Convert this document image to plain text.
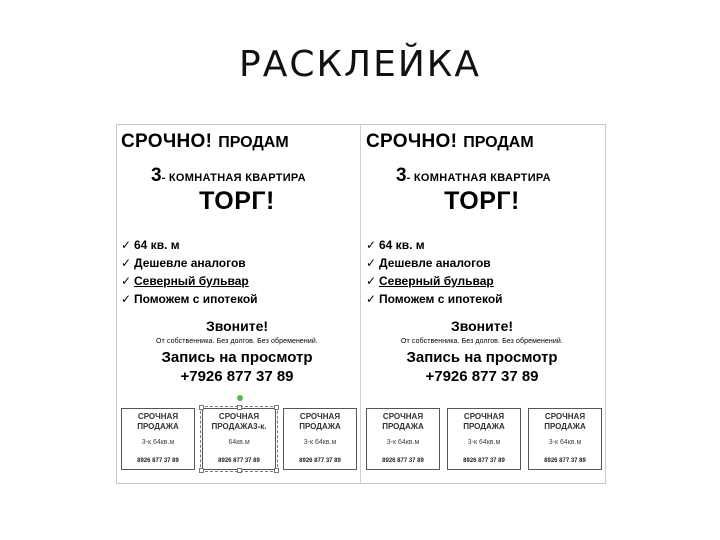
РАСКЛЕЙКА
СРОЧНО! ПРОДАМ
3- КОМНАТНАЯ КВАРТИРА
ТОРГ!
✓ 64 кв. м
✓ Дешевле аналогов
✓ Северный бульвар
✓ Поможем с ипотекой
Звоните!
От собственника. Без долгов. Без обременений.
Запись на просмотр
+7926 877 37 89
СРОЧНАЯ ПРОДАЖА
3-к 64кв.м
8926 877 37 89
СРОЧНАЯ ПРОДАЖА3-к.
64кв.м
8926 877 37 89
СРОЧНАЯ ПРОДАЖА
3-к 64кв.м
8926 877 37 89
СРОЧНО! ПРОДАМ
3- КОМНАТНАЯ КВАРТИРА
ТОРГ!
✓ 64 кв. м
✓ Дешевле аналогов
✓ Северный бульвар
✓ Поможем с ипотекой
Звоните!
От собственника. Без долгов. Без обременений.
Запись на просмотр
+7926 877 37 89
СРОЧНАЯ ПРОДАЖА
3-к 64кв.м
8926 877 37 89
СРОЧНАЯ ПРОДАЖА
3-к 64кв.м
8926 877 37 89
СРОЧНАЯ ПРОДАЖА
3-к 64кв.м
8926 877 37 89
